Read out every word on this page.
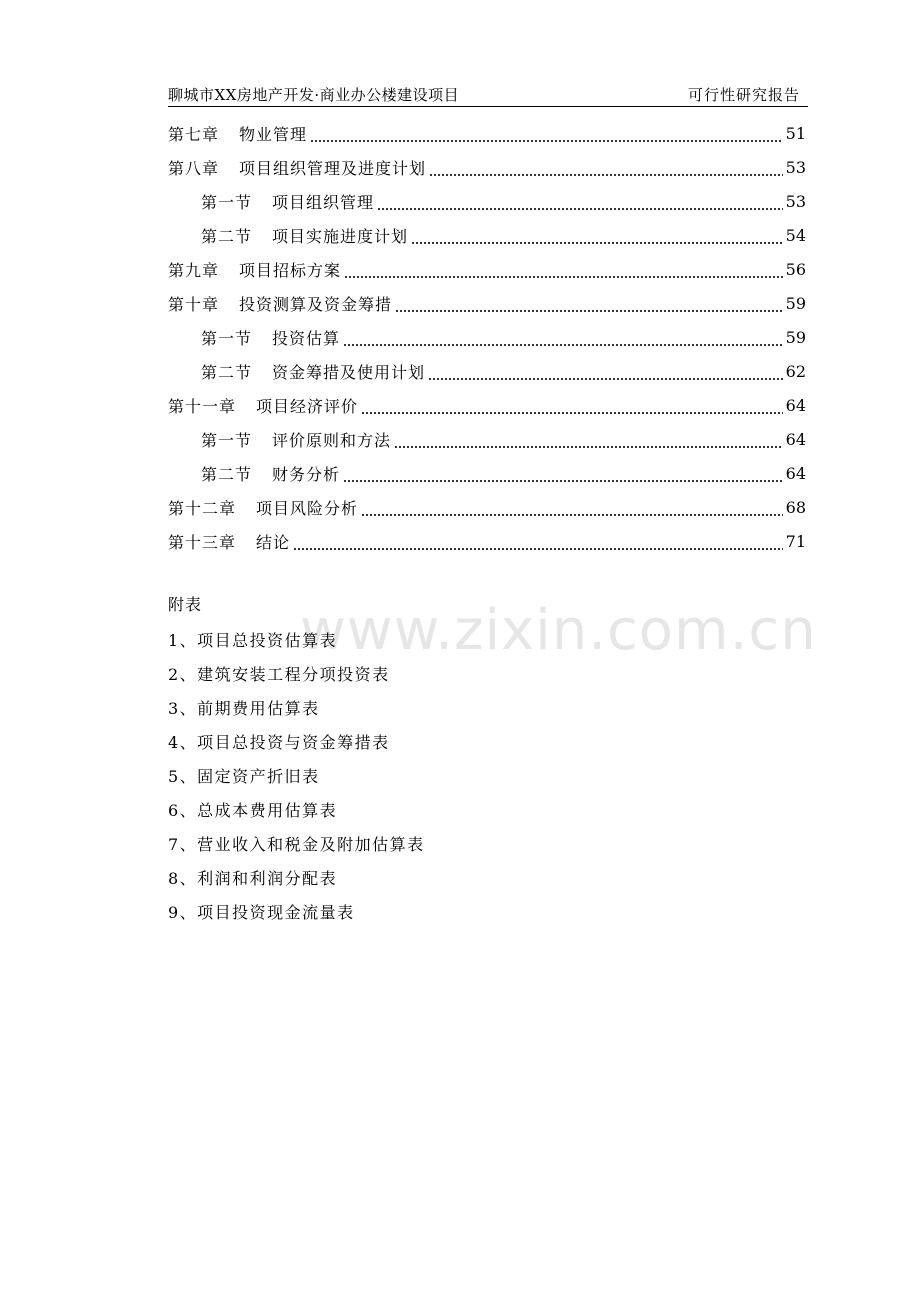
聊城市XX房地产开发·商业办公楼建设项目	可行性研究报告
第七章 物业管理	51
第八章 项目组织管理及进度计划	53
第一节 项目组织管理	53
第二节 项目实施进度计划	54
第九章 项目招标方案	56
第十章 投资测算及资金筹措	59
第一节 投资估算	59
第二节 资金筹措及使用计划	62
第十一章 项目经济评价	64
第一节 评价原则和方法	64
第二节 财务分析	64
第十二章 项目风险分析	68
第十三章 结论	71
www.zixin.com.cn
附表
1、项目总投资估算表
2、建筑安装工程分项投资表
3、前期费用估算表
4、项目总投资与资金筹措表
5、固定资产折旧表
6、总成本费用估算表
7、营业收入和税金及附加估算表
8、利润和利润分配表
9、项目投资现金流量表
